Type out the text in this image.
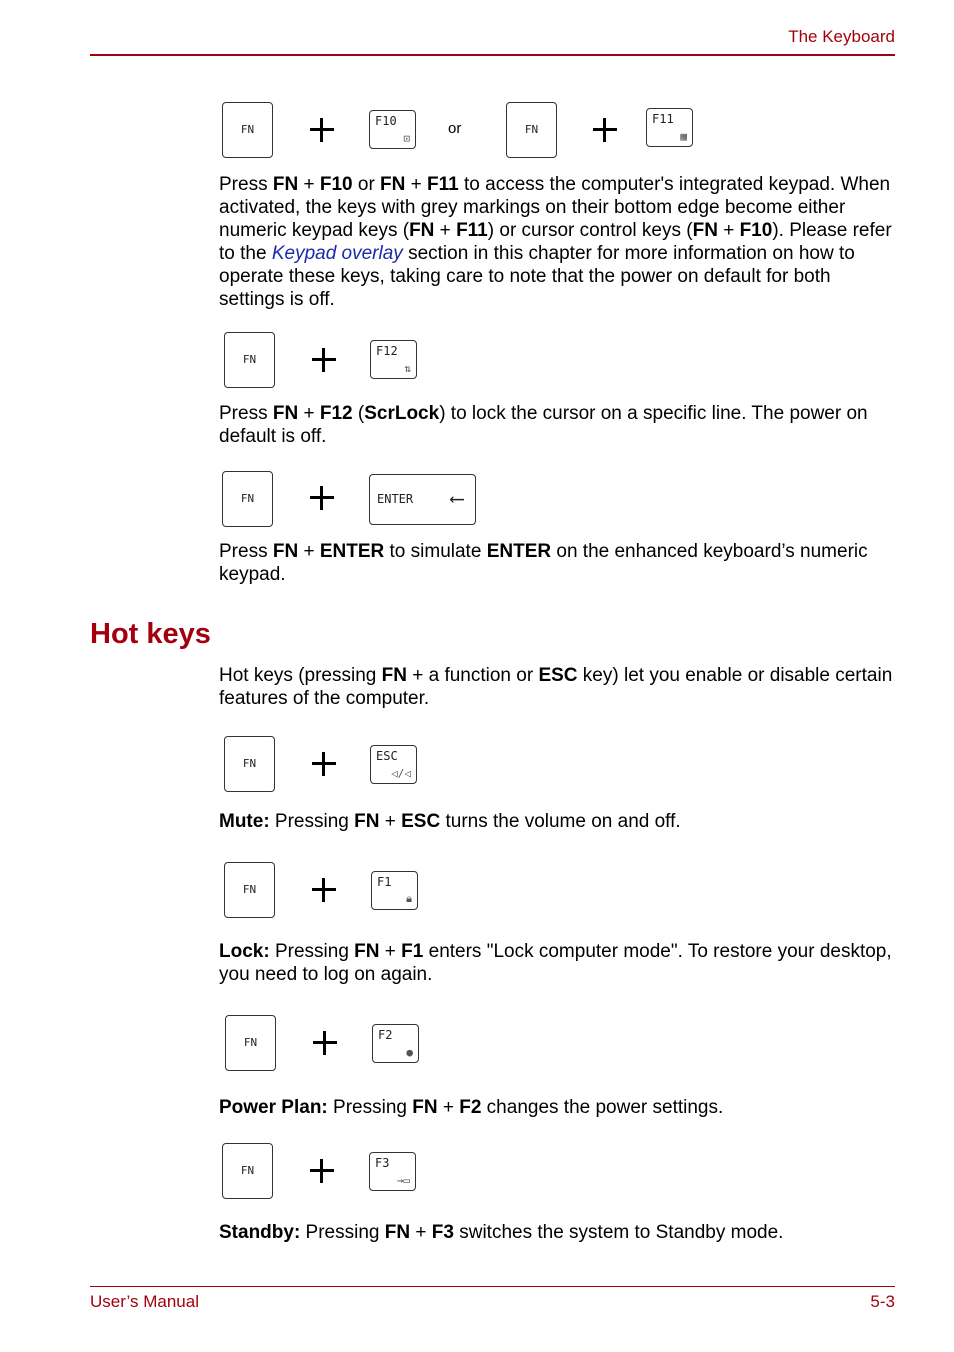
The Keyboard
FN
F10
⊡
or	FN
F11
▦
Press FN + F10 or FN + F11 to access the computer's integrated keypad. When activated, the keys with grey markings on their bottom edge become either numeric keypad keys (FN + F11) or cursor control keys (FN + F10). Please refer to the Keypad overlay section in this chapter for more information on how to operate these keys, taking care to note that the power on default for both settings is off.
FN
F12
⇅
Press FN + F12 (ScrLock) to lock the cursor on a specific line. The power on default is off.
FN	ENTER ⟵
Press FN + ENTER to simulate ENTER on the enhanced keyboard’s numeric keypad.
Hot keys
Hot keys (pressing FN + a function or ESC key) let you enable or disable certain features of the computer.
FN
ESC
◁/◁
Mute: Pressing FN + ESC turns the volume on and off.
FN
F1
🔒︎
Lock: Pressing FN + F1 enters "Lock computer mode". To restore your desktop, you need to log on again.
FN
F2
●
Power Plan: Pressing FN + F2 changes the power settings.
FN
F3
→▭
Standby: Pressing FN + F3 switches the system to Standby mode.
User’s Manual	5-3
